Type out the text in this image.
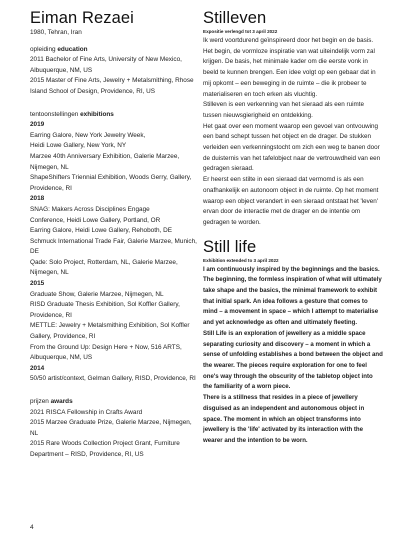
Eiman Rezaei
1980, Tehran, Iran
opleiding education
2011 Bachelor of Fine Arts, University of New Mexico, Albuquerque, NM, US
2015 Master of Fine Arts, Jewelry + Metalsmithing, Rhose Island School of Design, Providence, RI, US
tentoonstellingen exhibitions
2019
Earring Galore, New York Jewelry Week,
Heidi Lowe Gallery, New York, NY
Marzee 40th Anniversary Exhibition, Galerie Marzee, Nijmegen, NL
ShapeShifters Triennial Exhibition, Woods Gerry, Gallery, Providence, RI
2018
SNAG: Makers Across Disciplines Engage
Conference, Heidi Lowe Gallery, Portland, OR
Earring Galore, Heidi Lowe Gallery, Rehoboth, DE
Schmuck International Trade Fair, Galerie Marzee, Munich, DE
Qade: Solo Project, Rotterdam, NL, Galerie Marzee, Nijmegen, NL
2015
Graduate Show, Galerie Marzee, Nijmegen, NL
RISD Graduate Thesis Exhibition, Sol Koffler Gallery, Providence, RI
METTLE: Jewelry + Metalsmithing Exhibition, Sol Koffler Gallery, Providence, RI
From the Ground Up: Design Here + Now, 516 ARTS, Albuquerque, NM, US
2014
50/50 artist/context, Gelman Gallery, RISD, Providence, RI
prijzen awards
2021 RISCA Fellowship in Crafts Award
2015 Marzee Graduate Prize, Galerie Marzee, Nijmegen, NL
2015 Rare Woods Collection Project Grant, Furniture Department – RISD, Providence, RI, US
Stilleven
Expositie verlengd tot 3 april 2022
Ik werd voortdurend geïnspireerd door het begin en de basis. Het begin, de vormloze inspiratie van wat uiteindelijk vorm zal krijgen. De basis, het minimale kader om die eerste vonk in beeld te kunnen brengen. Een idee volgt op een gebaar dat in mij opkomt – een beweging in de ruimte – die ik probeer te materialiseren en toch erken als vluchtig.
Stilleven is een verkenning van het sieraad als een ruimte tussen nieuwsgierigheid en ontdekking.
Het gaat over een moment waarop een gevoel van ontvouwing een band schept tussen het object en de drager. De stukken verleiden een verkenningstocht om zich een weg te banen door de duisternis van het tafelobject naar de vertrouwdheid van een gedragen sieraad.
Er heerst een stilte in een sieraad dat vermomd is als een onafhankelijk en autonoom object in de ruimte. Op het moment waarop een object verandert in een sieraad ontstaat het 'leven' ervan door de interactie met de drager en de intentie om gedragen te worden.
Still life
Exhibition extended to 3 april 2022
I am continuously inspired by the beginnings and the basics. The beginning, the formless inspiration of what will ultimately take shape and the basics, the minimal framework to exhibit that initial spark. An idea follows a gesture that comes to mind – a movement in space – which I attempt to materialise and yet acknowledge as often and ultimately fleeting.
Still Life is an exploration of jewellery as a middle space separating curiosity and discovery – a moment in which a sense of unfolding establishes a bond between the object and the wearer. The pieces require exploration for one to feel one's way through the obscurity of the tabletop object into the familiarity of a worn piece.
There is a stillness that resides in a piece of jewellery disguised as an independent and autonomous object in space. The moment in which an object transforms into jewellery is the 'life' activated by its interaction with the wearer and the intention to be worn.
4
